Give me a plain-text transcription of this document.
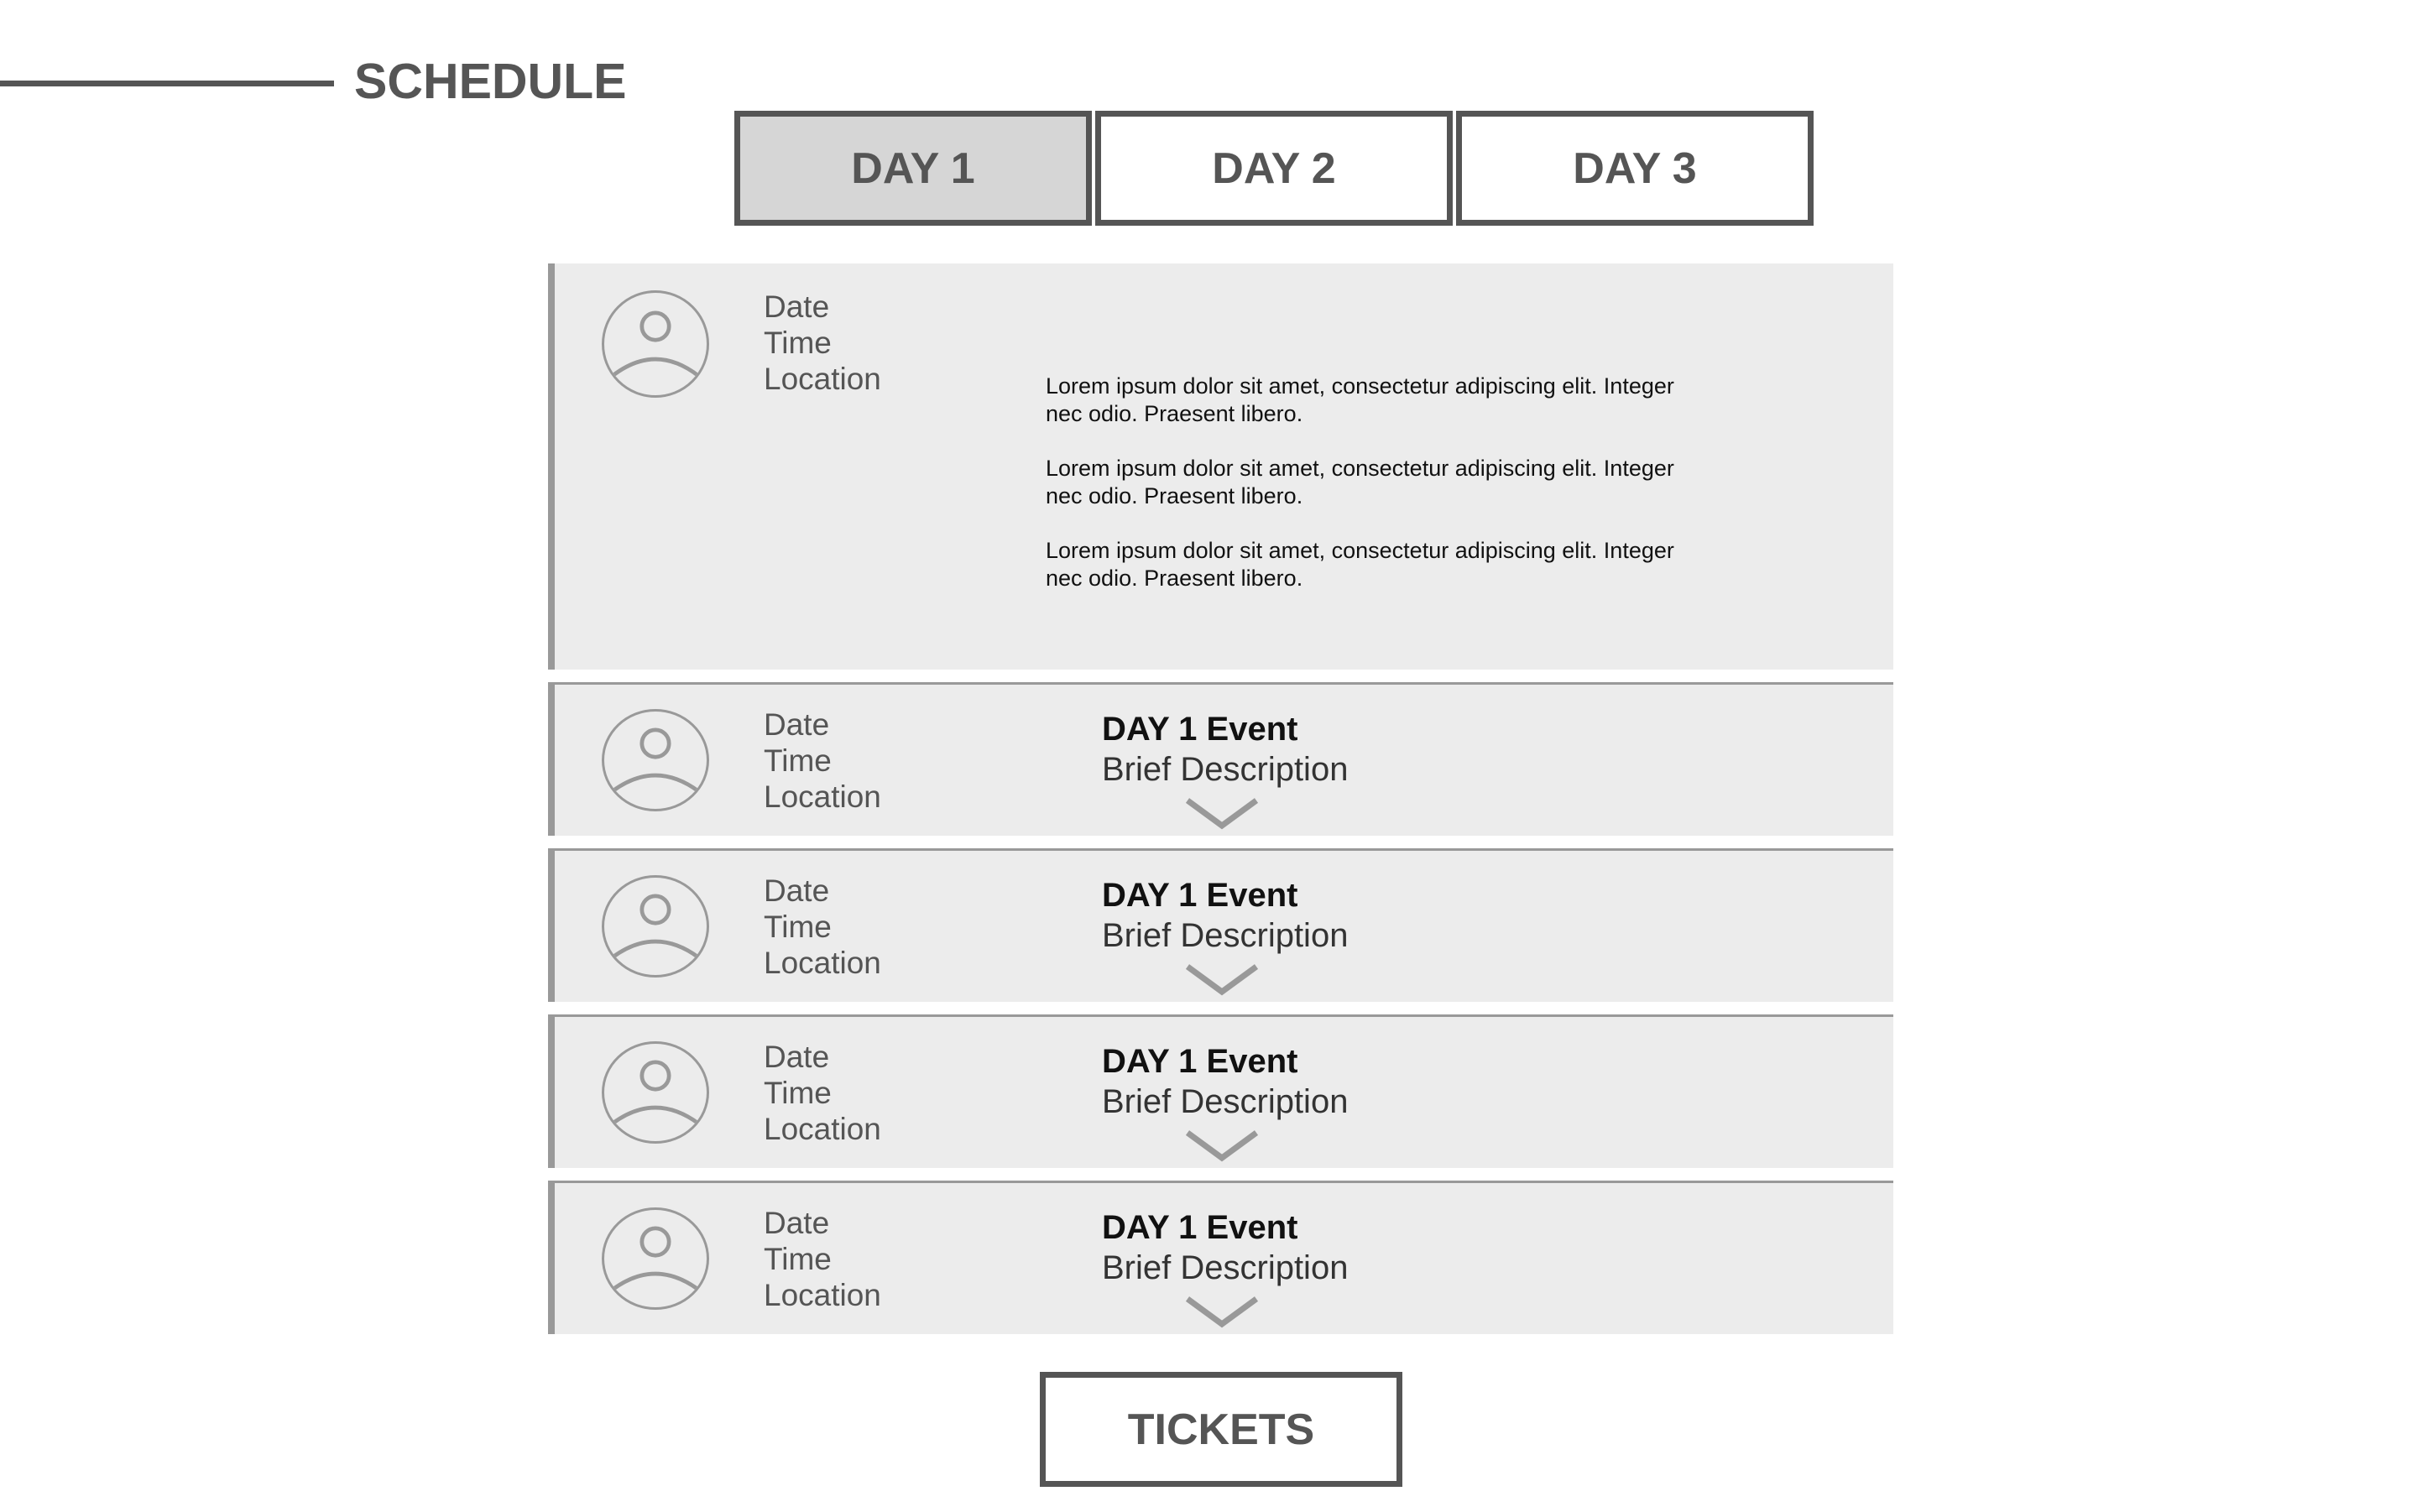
SCHEDULE
DAY 1	DAY 2	DAY 3
Date
Time
Location	Lorem ipsum dolor sit amet, consectetur adipiscing elit. Integer nec odio. Praesent libero.

Lorem ipsum dolor sit amet, consectetur adipiscing elit. Integer nec odio. Praesent libero.

Lorem ipsum dolor sit amet, consectetur adipiscing elit. Integer nec odio. Praesent libero.

Date
Time
Location
DAY 1 Event
Brief Description
Date
Time
Location
DAY 1 Event
Brief Description
Date
Time
Location
DAY 1 Event
Brief Description
Date
Time
Location
DAY 1 Event
Brief Description
TICKETS
